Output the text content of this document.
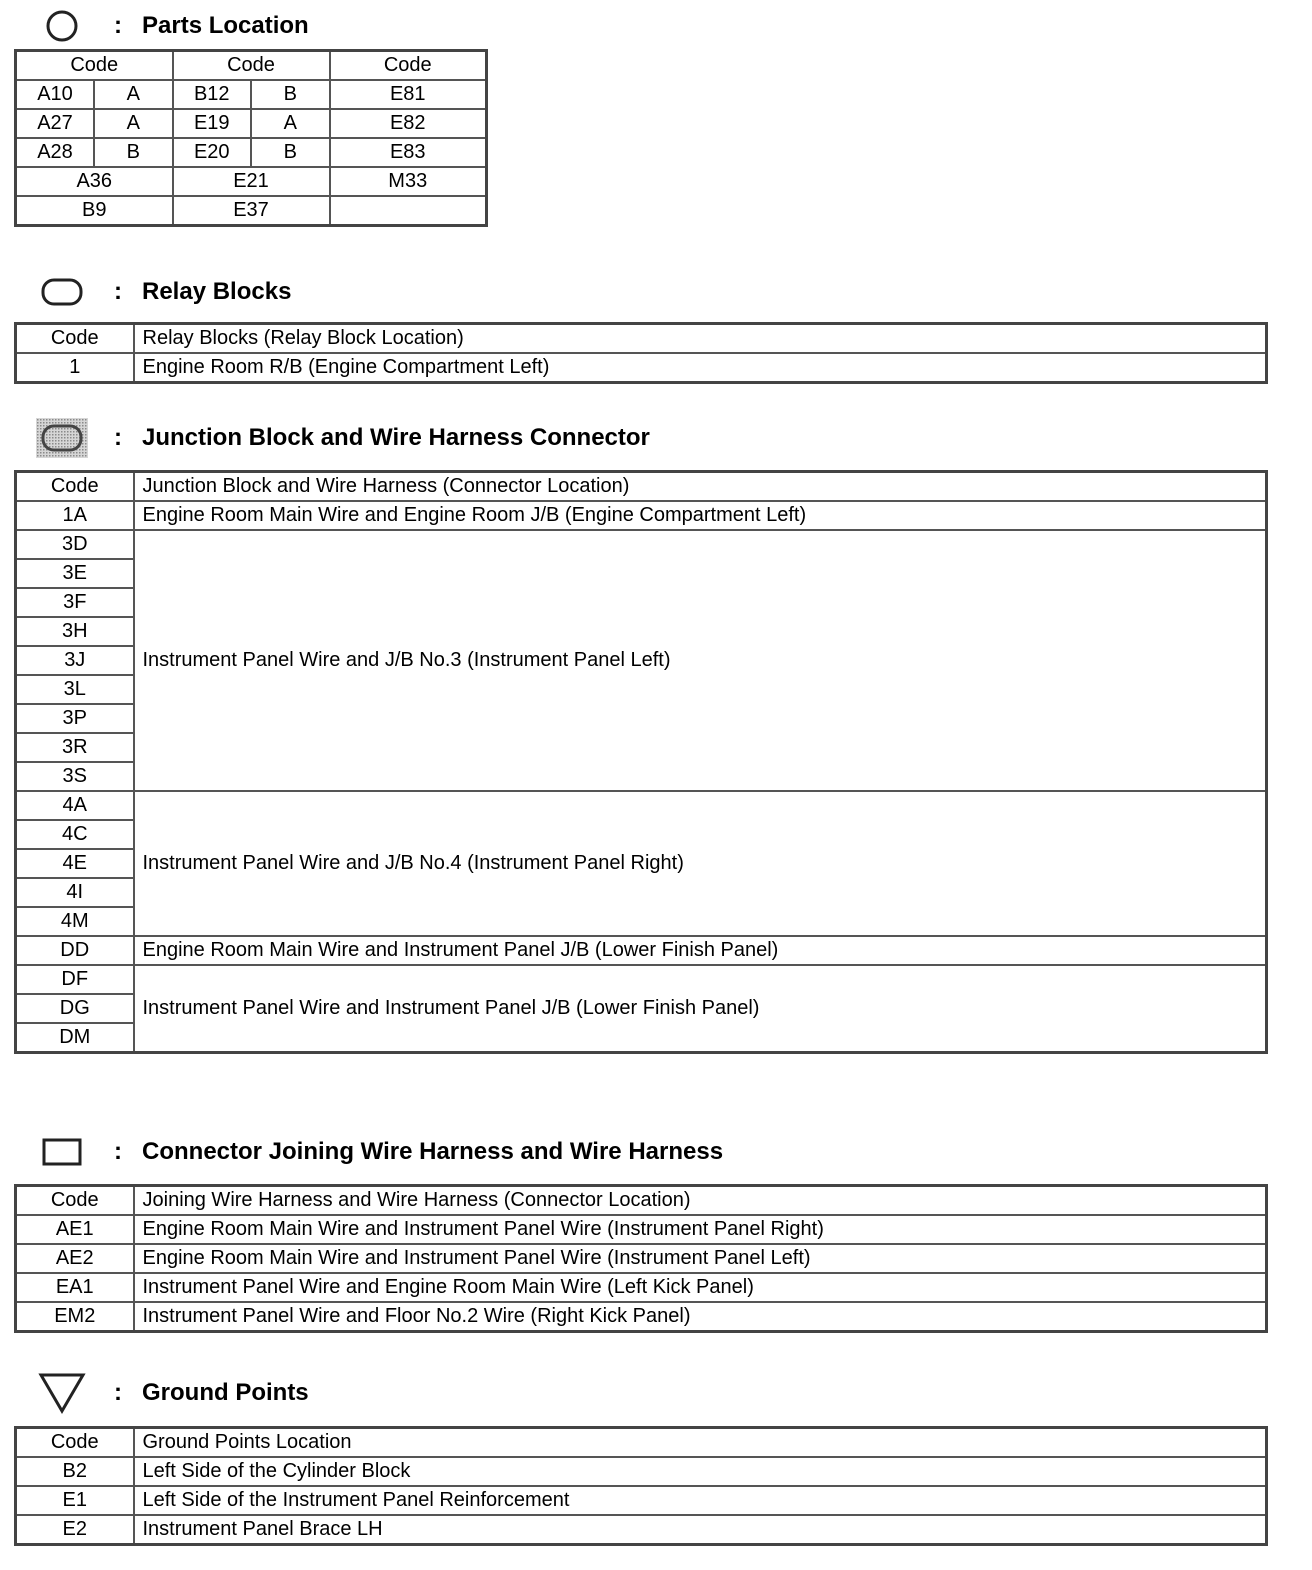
: Parts Location
Code		Code		Code
A10	A	B12	B	E81
A27	A	E19	A	E82
A28	B	E20	B	E83
A36		E21		M33
B9		E37		
: Relay Blocks
Code	Relay Blocks (Relay Block Location)
1	Engine Room R/B (Engine Compartment Left)
: Junction Block and Wire Harness Connector
Code	Junction Block and Wire Harness (Connector Location)
1A	Engine Room Main Wire and Engine Room J/B (Engine Compartment Left)
3D	Instrument Panel Wire and J/B No.3 (Instrument Panel Left)
3E	
3F	
3H	
3J	
3L	
3P	
3R	
3S	
4A	Instrument Panel Wire and J/B No.4 (Instrument Panel Right)
4C	
4E	
4I	
4M	
DD	Engine Room Main Wire and Instrument Panel J/B (Lower Finish Panel)
DF	Instrument Panel Wire and Instrument Panel J/B (Lower Finish Panel)
DG	
DM	
: Connector Joining Wire Harness and Wire Harness
Code	Joining Wire Harness and Wire Harness (Connector Location)
AE1	Engine Room Main Wire and Instrument Panel Wire (Instrument Panel Right)
AE2	Engine Room Main Wire and Instrument Panel Wire (Instrument Panel Left)
EA1	Instrument Panel Wire and Engine Room Main Wire (Left Kick Panel)
EM2	Instrument Panel Wire and Floor No.2 Wire (Right Kick Panel)
: Ground Points
Code	Ground Points Location
B2	Left Side of the Cylinder Block
E1	Left Side of the Instrument Panel Reinforcement
E2	Instrument Panel Brace LH
